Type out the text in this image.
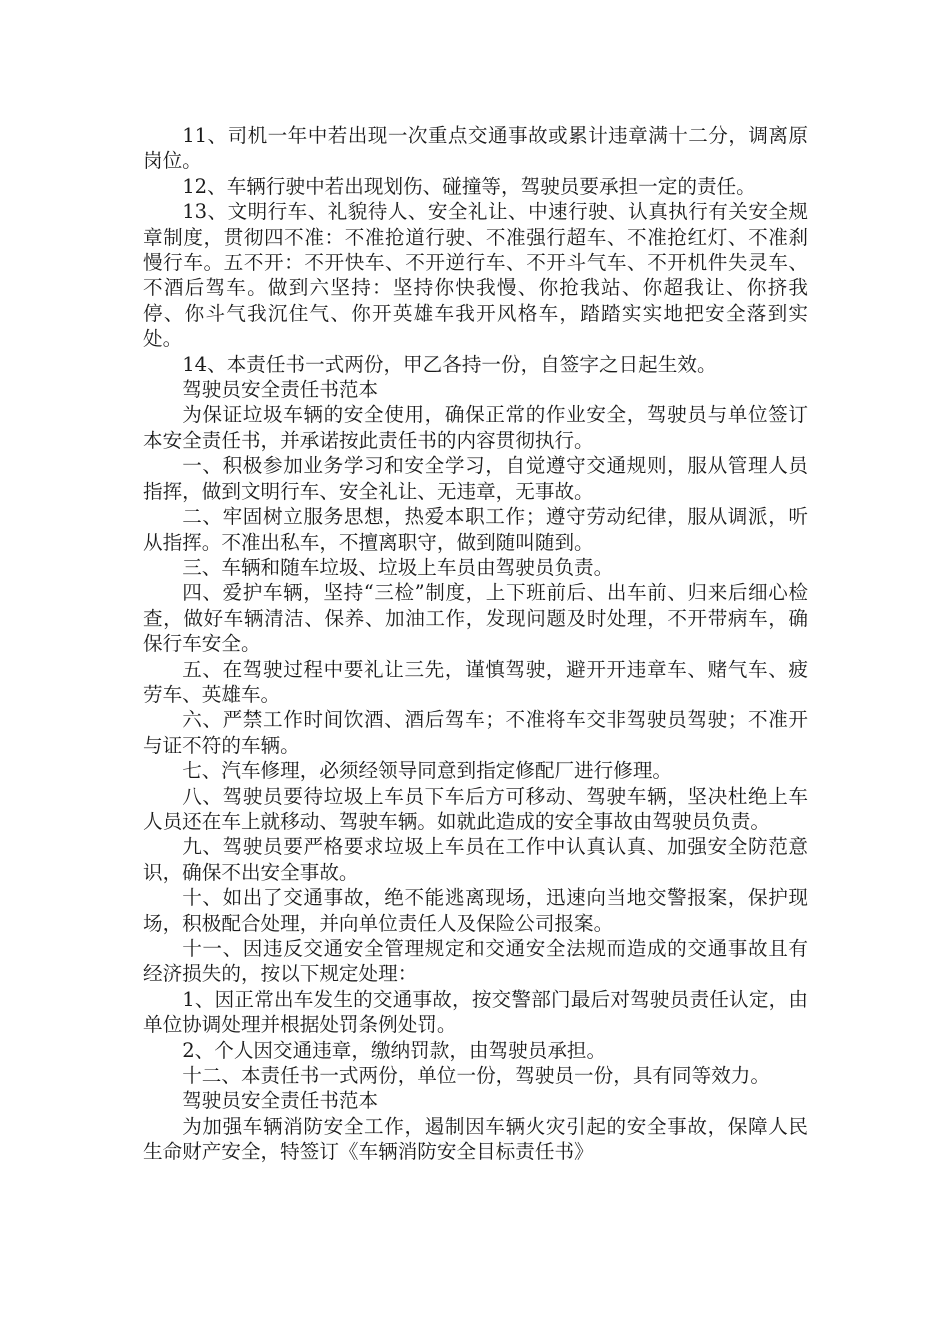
11、司机一年中若出现一次重点交通事故或累计违章满十二分，调离原岗位。

12、车辆行驶中若出现划伤、碰撞等，驾驶员要承担一定的责任。

13、文明行车、礼貌待人、安全礼让、中速行驶、认真执行有关安全规章制度，贯彻四不准：不准抢道行驶、不准强行超车、不准抢红灯、不准刹慢行车。五不开：不开快车、不开逆行车、不开斗气车、不开机件失灵车、不酒后驾车。做到六坚持：坚持你快我慢、你抢我站、你超我让、你挤我停、你斗气我沉住气、你开英雄车我开风格车，踏踏实实地把安全落到实处。

14、本责任书一式两份，甲乙各持一份，自签字之日起生效。

驾驶员安全责任书范本

为保证垃圾车辆的安全使用，确保正常的作业安全，驾驶员与单位签订本安全责任书，并承诺按此责任书的内容贯彻执行。

一、积极参加业务学习和安全学习，自觉遵守交通规则，服从管理人员指挥，做到文明行车、安全礼让、无违章，无事故。

二、牢固树立服务思想，热爱本职工作；遵守劳动纪律，服从调派，听从指挥。不准出私车，不擅离职守，做到随叫随到。

三、车辆和随车垃圾、垃圾上车员由驾驶员负责。

四、爱护车辆，坚持“三检”制度，上下班前后、出车前、归来后细心检查，做好车辆清洁、保养、加油工作，发现问题及时处理，不开带病车，确保行车安全。

五、在驾驶过程中要礼让三先，谨慎驾驶，避开开违章车、赌气车、疲劳车、英雄车。

六、严禁工作时间饮酒、酒后驾车；不准将车交非驾驶员驾驶；不准开与证不符的车辆。

七、汽车修理，必须经领导同意到指定修配厂进行修理。

八、驾驶员要待垃圾上车员下车后方可移动、驾驶车辆，坚决杜绝上车人员还在车上就移动、驾驶车辆。如就此造成的安全事故由驾驶员负责。

九、驾驶员要严格要求垃圾上车员在工作中认真认真、加强安全防范意识，确保不出安全事故。

十、如出了交通事故，绝不能逃离现场，迅速向当地交警报案，保护现场，积极配合处理，并向单位责任人及保险公司报案。

十一、因违反交通安全管理规定和交通安全法规而造成的交通事故且有经济损失的，按以下规定处理：

1、因正常出车发生的交通事故，按交警部门最后对驾驶员责任认定，由单位协调处理并根据处罚条例处罚。

2、个人因交通违章，缴纳罚款，由驾驶员承担。

十二、本责任书一式两份，单位一份，驾驶员一份，具有同等效力。

驾驶员安全责任书范本

为加强车辆消防安全工作，遏制因车辆火灾引起的安全事故，保障人民生命财产安全，特签订《车辆消防安全目标责任书》
